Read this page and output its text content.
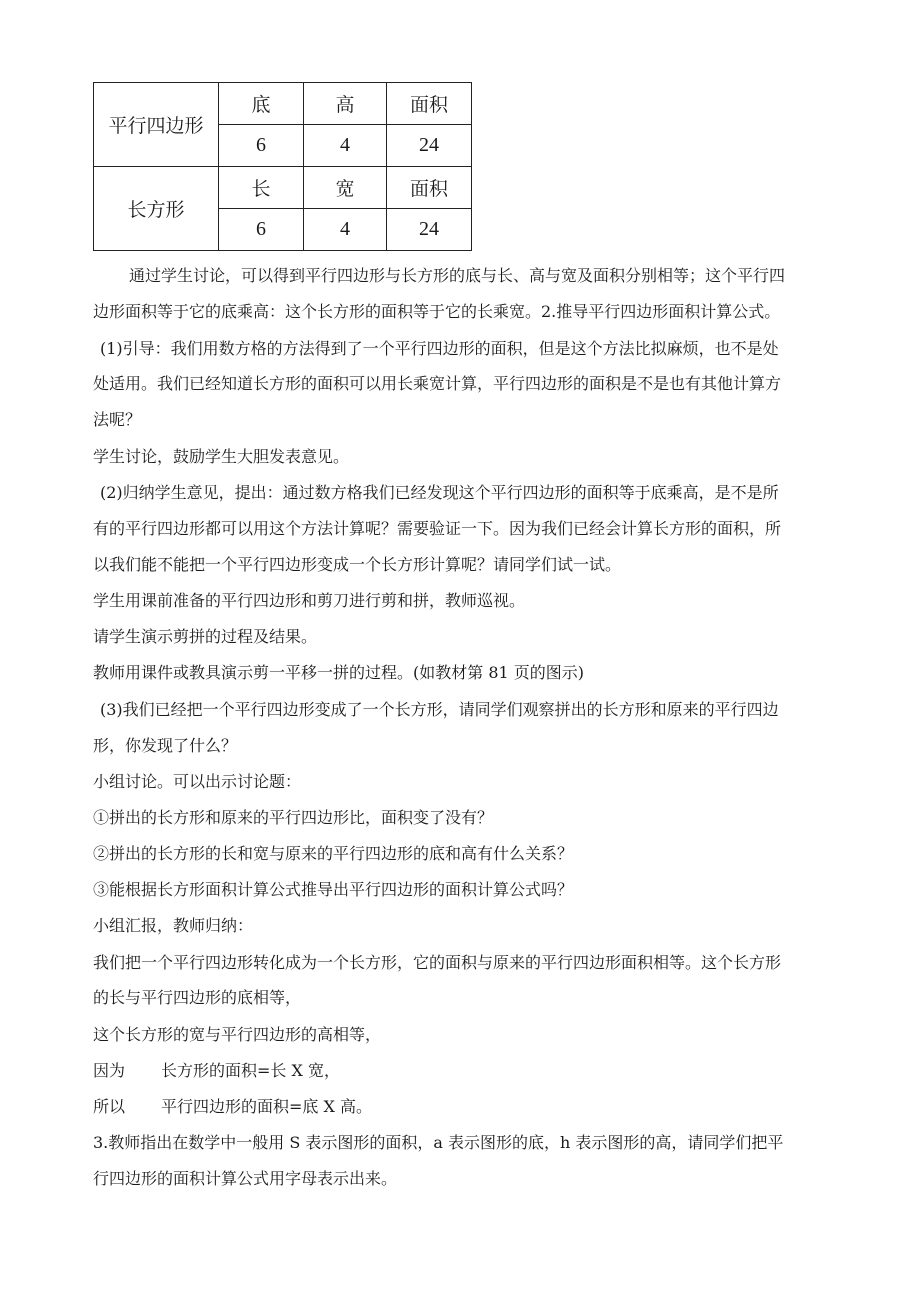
平行四边形	底	高	面积
	6	4	24
长方形	长	宽	面积
	6	4	24
通过学生讨论，可以得到平行四边形与长方形的底与长、高与宽及面积分别相等；这个平行四
边形面积等于它的底乘高：这个长方形的面积等于它的长乘宽。2.推导平行四边形面积计算公式。
(1)引导：我们用数方格的方法得到了一个平行四边形的面积，但是这个方法比拟麻烦，也不是处
处适用。我们已经知道长方形的面积可以用长乘宽计算，平行四边形的面积是不是也有其他计算方
法呢？
学生讨论，鼓励学生大胆发表意见。
(2)归纳学生意见，提出：通过数方格我们已经发现这个平行四边形的面积等于底乘高，是不是所
有的平行四边形都可以用这个方法计算呢？需要验证一下。因为我们已经会计算长方形的面积，所
以我们能不能把一个平行四边形变成一个长方形计算呢？请同学们试一试。
学生用课前准备的平行四边形和剪刀进行剪和拼，教师巡视。
请学生演示剪拼的过程及结果。
教师用课件或教具演示剪一平移一拼的过程。(如教材第 81 页的图示)
(3)我们已经把一个平行四边形变成了一个长方形，请同学们观察拼出的长方形和原来的平行四边
形，你发现了什么？
小组讨论。可以出示讨论题：
①拼出的长方形和原来的平行四边形比，面积变了没有？
②拼出的长方形的长和宽与原来的平行四边形的底和高有什么关系？
③能根据长方形面积计算公式推导出平行四边形的面积计算公式吗？
小组汇报，教师归纳：
我们把一个平行四边形转化成为一个长方形，它的面积与原来的平行四边形面积相等。这个长方形
的长与平行四边形的底相等，
这个长方形的宽与平行四边形的高相等，
因为 长方形的面积=长 X 宽，
所以 平行四边形的面积=底 X 高。
3.教师指出在数学中一般用 S 表示图形的面积，a 表示图形的底，h 表示图形的高，请同学们把平
行四边形的面积计算公式用字母表示出来。
